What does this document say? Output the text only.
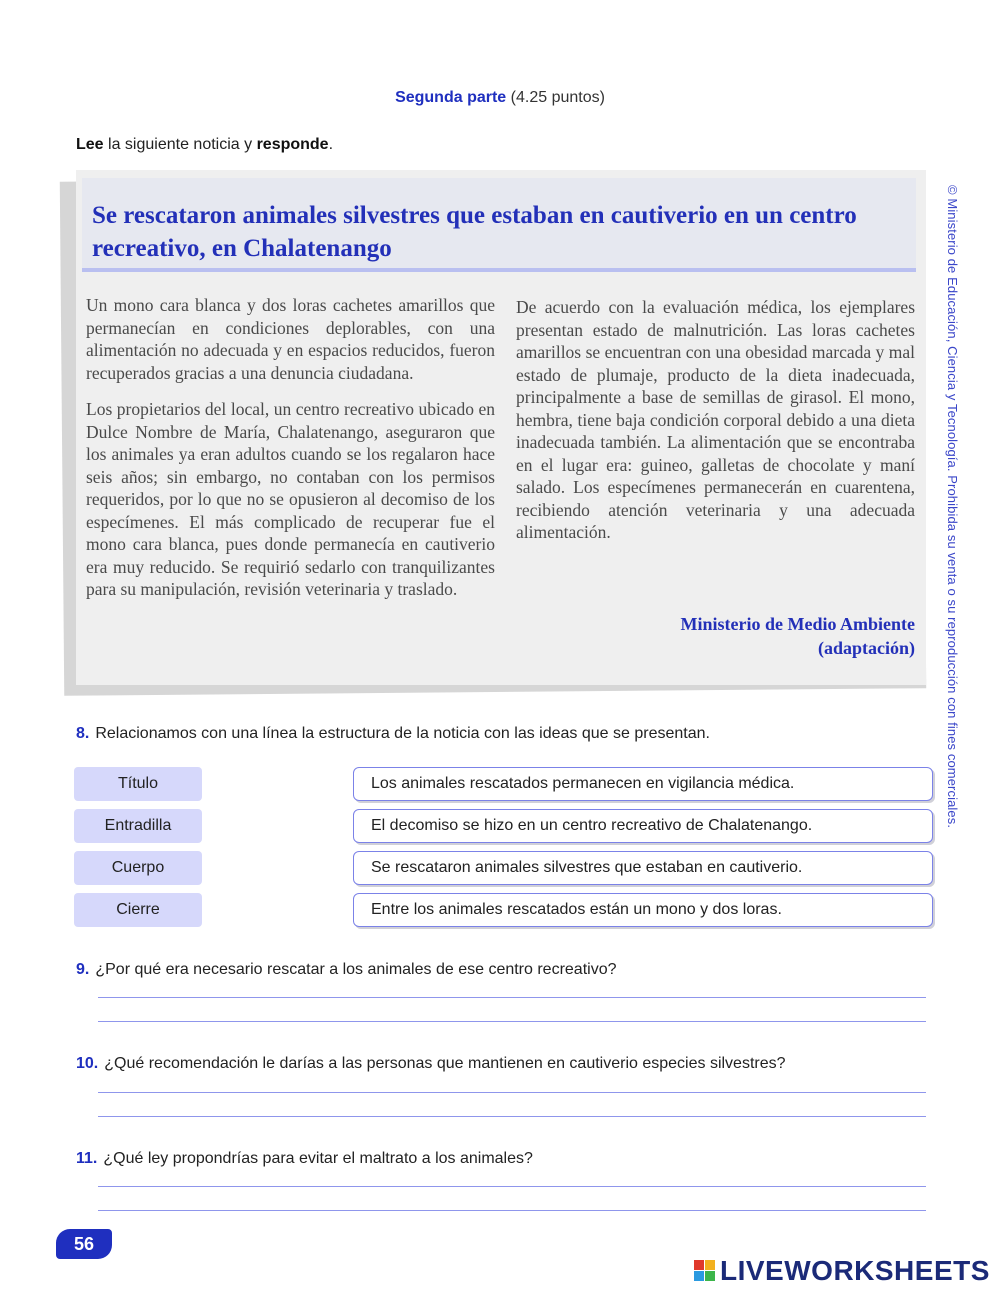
Segunda parte (4.25 puntos)
Lee la siguiente noticia y responde.
Se rescataron animales silvestres que estaban en cautiverio en un centro recreativo, en Chalatenango

Un mono cara blanca y dos loras cachetes amarillos que permanecían en condiciones deplorables, con una alimentación no adecuada y en espacios reducidos, fueron recuperados gracias a una denuncia ciudadana.

Los propietarios del local, un centro recreativo ubicado en Dulce Nombre de María, Chalatenango, aseguraron que los animales ya eran adultos cuando se los regalaron hace seis años; sin embargo, no contaban con los permisos requeridos, por lo que no se opusieron al decomiso de los especímenes. El más complicado de recuperar fue el mono cara blanca, pues donde permanecía en cautiverio era muy reducido. Se requirió sedarlo con tranquilizantes para su manipulación, revisión veterinaria y traslado.

De acuerdo con la evaluación médica, los ejemplares presentan estado de malnutrición. Las loras cachetes amarillos se encuentran con una obesidad marcada y mal estado de plumaje, producto de la dieta inadecuada, principalmente a base de semillas de girasol. El mono, hembra, tiene baja condición corporal debido a una dieta inadecuada también. La alimentación que se encontraba en el lugar era: guineo, galletas de chocolate y maní salado. Los especímenes permanecerán en cuarentena, recibiendo atención veterinaria y una adecuada alimentación.

Ministerio de Medio Ambiente
(adaptación)
8. Relacionamos con una línea la estructura de la noticia con las ideas que se presentan.
Título
Entradilla
Cuerpo
Cierre
Los animales rescatados permanecen en vigilancia médica.
El decomiso se hizo en un centro recreativo de Chalatenango.
Se rescataron animales silvestres que estaban en cautiverio.
Entre los animales rescatados están un mono y dos loras.
9. ¿Por qué era necesario rescatar a los animales de ese centro recreativo?
10. ¿Qué recomendación le darías a las personas que mantienen en cautiverio especies silvestres?
11. ¿Qué ley propondrías para evitar el maltrato a los animales?
© Ministerio de Educación, Ciencia y Tecnología. Prohibida su venta o su reproducción con fines comerciales.
56
LIVEWORKSHEETS
